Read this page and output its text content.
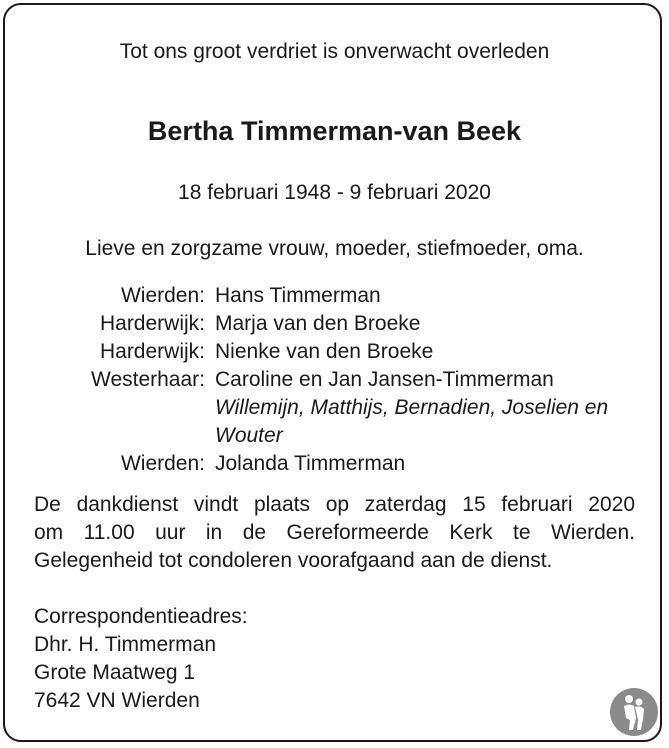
Tot ons groot verdriet is onverwacht overleden
Bertha Timmerman-van Beek
18 februari 1948 - 9 februari 2020
Lieve en zorgzame vrouw, moeder, stiefmoeder, oma.
Wierden: Hans Timmerman
Harderwijk: Marja van den Broeke
Harderwijk: Nienke van den Broeke
Westerhaar: Caroline en Jan Jansen-Timmerman
Willemijn, Matthijs, Bernadien, Joselien en Wouter
Wierden: Jolanda Timmerman
De dankdienst vindt plaats op zaterdag 15 februari 2020
om 11.00 uur in de Gereformeerde Kerk te Wierden.
Gelegenheid tot condoleren voorafgaand aan de dienst.
Correspondentieadres:
Dhr. H. Timmerman
Grote Maatweg 1
7642 VN Wierden
